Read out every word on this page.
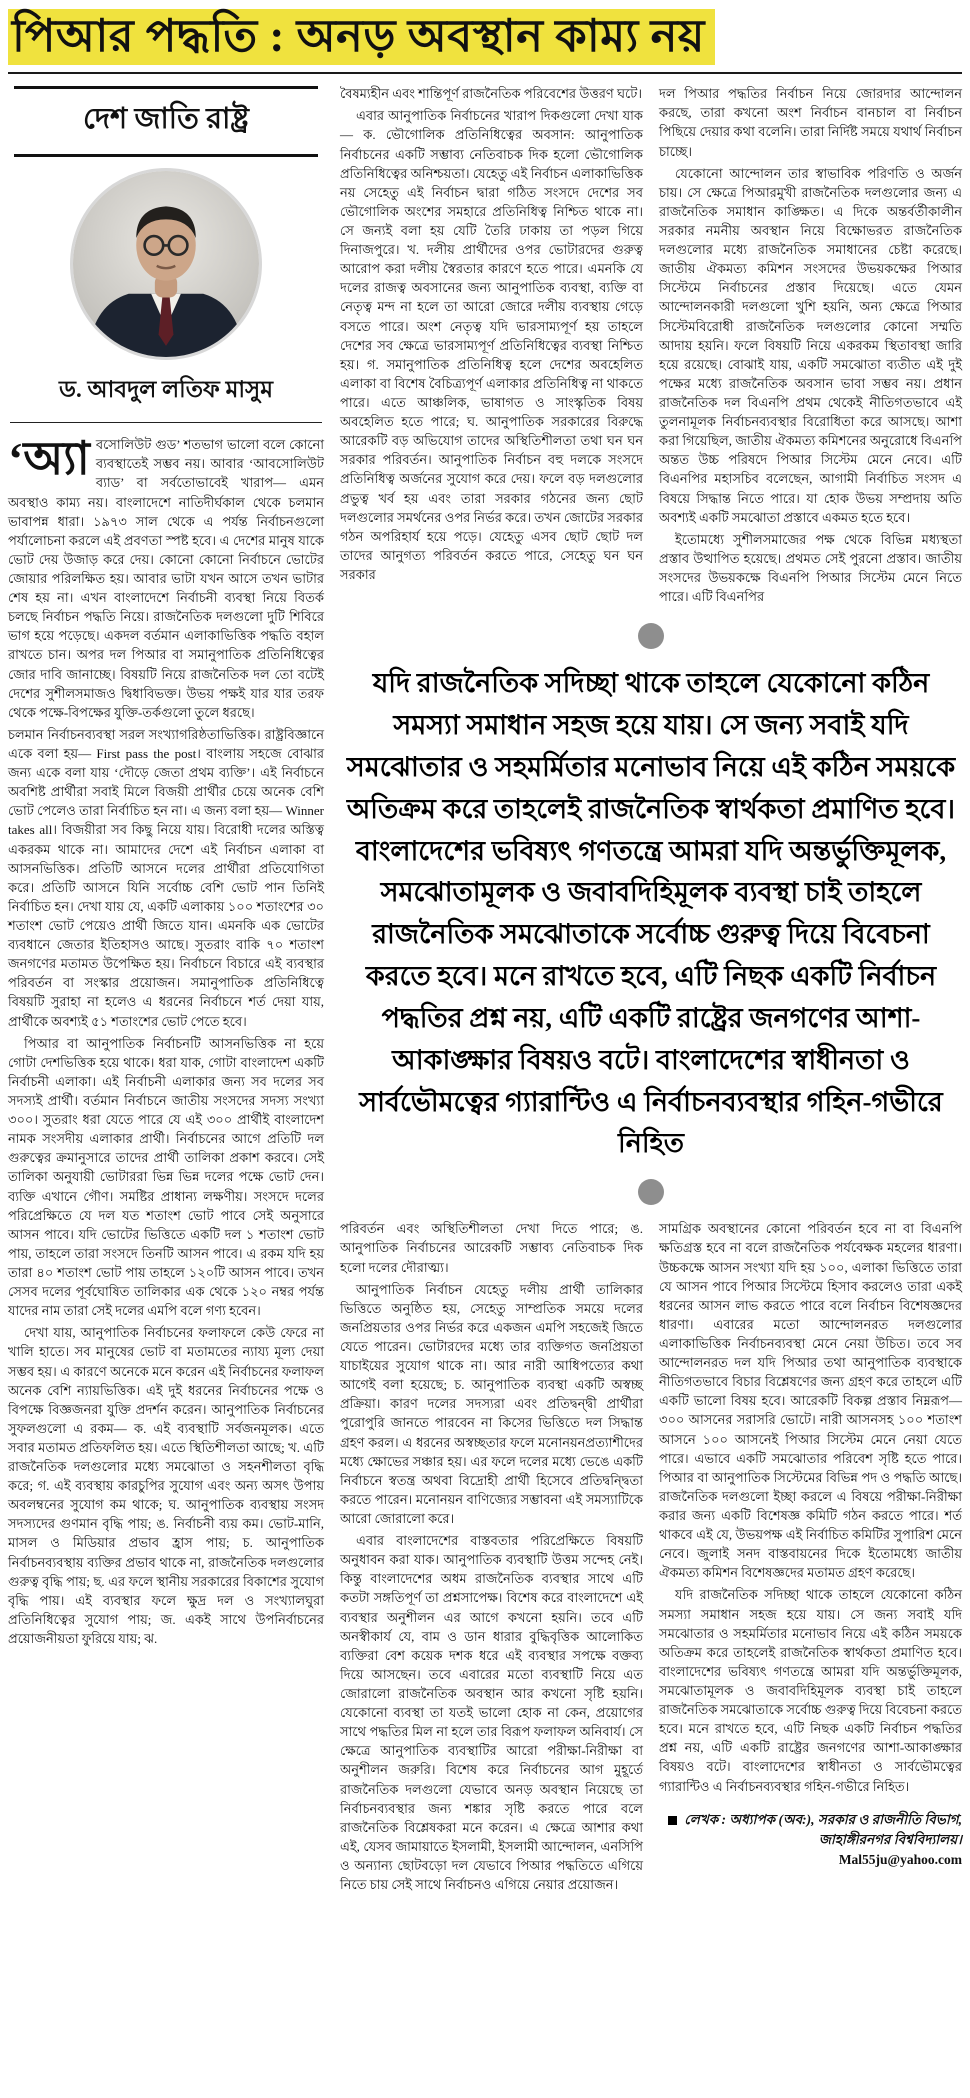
পিআর পদ্ধতি : অনড় অবস্থান কাম্য নয়
দেশ জাতি রাষ্ট্র
ড. আবদুল লতিফ মাসুম

‘অ্যা বসোলিউট গুড’ শতভাগ ভালো বলে কোনো ব্যবস্থাতেই সম্ভব নয়। আবার ‘আবসোলিউট ব্যাড’ বা সর্বতোভাবেই খারাপ— এমন অবস্থাও কাম্য নয়। বাংলাদেশে নাতিদীর্ঘকাল থেকে চলমান ভাবাপন্ন ধারা। ১৯৭৩ সাল থেকে এ পর্যন্ত নির্বাচনগুলো পর্যালোচনা করলে এই প্রবণতা স্পষ্ট হবে। এ দেশের মানুষ যাকে ভোট দেয় উজাড় করে দেয়। কোনো কোনো নির্বাচনে ভোটের জোয়ার পরিলক্ষিত হয়। আবার ভাটা যখন আসে তখন ভাটার শেষ হয় না। এখন বাংলাদেশে নির্বাচনী ব্যবস্থা নিয়ে বিতর্ক চলছে নির্বাচন পদ্ধতি নিয়ে। রাজনৈতিক দলগুলো দুটি শিবিরে ভাগ হয়ে পড়েছে। একদল বর্তমান এলাকাভিত্তিক পদ্ধতি বহাল রাখতে চান। অপর দল পিআর বা সমানুপাতিক প্রতিনিধিত্বের জোর দাবি জানাচ্ছে। বিষয়টি নিয়ে রাজনৈতিক দল তো বটেই দেশের সুশীলসমাজও দ্বিধাবিভক্ত। উভয় পক্ষই যার যার তরফ থেকে পক্ষে-বিপক্ষের যুক্তি-তর্কগুলো তুলে ধরছে।

চলমান নির্বাচনব্যবস্থা সরল সংখ্যাগরিষ্ঠতাভিত্তিক। রাষ্ট্রবিজ্ঞানে একে বলা হয়— First pass the post। বাংলায় সহজে বোঝার জন্য একে বলা যায় ‘দৌড়ে জেতা প্রথম ব্যক্তি’। এই নির্বাচনে অবশিষ্ট প্রার্থীরা সবাই মিলে বিজয়ী প্রার্থীর চেয়ে অনেক বেশি ভোট পেলেও তারা নির্বাচিত হন না। এ জন্য বলা হয়— Winner takes all। বিজয়ীরা সব কিছু নিয়ে যায়। বিরোধী দলের অস্তিত্ব একরকম থাকে না। আমাদের দেশে এই নির্বাচন এলাকা বা আসনভিত্তিক। প্রতিটি আসনে দলের প্রার্থীরা প্রতিযোগিতা করে। প্রতিটি আসনে যিনি সর্বোচ্চ বেশি ভোট পান তিনিই নির্বাচিত হন। দেখা যায় যে, একটি এলাকায় ১০০ শতাংশের ৩০ শতাংশ ভোট পেয়েও প্রার্থী জিতে যান। এমনকি এক ভোটের ব্যবধানে জেতার ইতিহাসও আছে। সুতরাং বাকি ৭০ শতাংশ জনগণের মতামত উপেক্ষিত হয়। নির্বাচনে বিচারে এই ব্যবস্থার পরিবর্তন বা সংস্কার প্রয়োজন। সমানুপাতিক প্রতিনিধিত্বে বিষয়টি সুরাহা না হলেও এ ধরনের নির্বাচনে শর্ত দেয়া যায়, প্রার্থীকে অবশ্যই ৫১ শতাংশের ভোট পেতে হবে।

পিআর বা আনুপাতিক নির্বাচনটি আসনভিত্তিক না হয়ে গোটা দেশভিত্তিক হয়ে থাকে। ধরা যাক, গোটা বাংলাদেশ একটি নির্বাচনী এলাকা। এই নির্বাচনী এলাকার জন্য সব দলের সব সদস্যই প্রার্থী। বর্তমান নির্বাচনে জাতীয় সংসদের সদস্য সংখ্যা ৩০০। সুতরাং ধরা যেতে পারে যে এই ৩০০ প্রার্থীই বাংলাদেশ নামক সংসদীয় এলাকার প্রার্থী। নির্বাচনের আগে প্রতিটি দল গুরুত্বের ক্রমানুসারে তাদের প্রার্থী তালিকা প্রকাশ করবে। সেই তালিকা অনুযায়ী ভোটাররা ভিন্ন ভিন্ন দলের পক্ষে ভোট দেন। ব্যক্তি এখানে গৌণ। সমষ্টির প্রাধান্য লক্ষণীয়। সংসদে দলের পরিপ্রেক্ষিতে যে দল যত শতাংশ ভোট পাবে সেই অনুসারে আসন পাবে। যদি ভোটের ভিত্তিতে একটি দল ১ শতাংশ ভোট পায়, তাহলে তারা সংসদে তিনটি আসন পাবে। এ রকম যদি হয় তারা ৪০ শতাংশ ভোট পায় তাহলে ১২০টি আসন পাবে। তখন সেসব দলের পূর্বঘোষিত তালিকার এক থেকে ১২০ নম্বর পর্যন্ত যাদের নাম তারা সেই দলের এমপি বলে গণ্য হবেন।

দেখা যায়, আনুপাতিক নির্বাচনের ফলাফলে কেউ ফেরে না খালি হাতে। সব মানুষের ভোট বা মতামতের ন্যায্য মূল্য দেয়া সম্ভব হয়। এ কারণে অনেকে মনে করেন এই নির্বাচনের ফলাফল অনেক বেশি ন্যায়ভিত্তিক। এই দুই ধরনের নির্বাচনের পক্ষে ও বিপক্ষে বিজ্ঞজনরা যুক্তি প্রদর্শন করেন। আনুপাতিক নির্বাচনের সুফলগুলো এ রকম— ক. এই ব্যবস্থাটি সর্বজনমূলক। এতে সবার মতামত প্রতিফলিত হয়। এতে স্থিতিশীলতা আছে; খ. এটি রাজনৈতিক দলগুলোর মধ্যে সমঝোতা ও সহনশীলতা বৃদ্ধি করে; গ. এই ব্যবস্থায় কারচুপির সুযোগ এবং অন্য অসৎ উপায় অবলম্বনের সুযোগ কম থাকে; ঘ. আনুপাতিক ব্যবস্থায় সংসদ সদস্যদের গুণমান বৃদ্ধি পায়; ঙ. নির্বাচনী ব্যয় কম। ভোট-মানি, মাসল ও মিডিয়ার প্রভাব হ্রাস পায়; চ. আনুপাতিক নির্বাচনব্যবস্থায় ব্যক্তির প্রভাব থাকে না, রাজনৈতিক দলগুলোর গুরুত্ব বৃদ্ধি পায়; ছ. এর ফলে স্থানীয় সরকারের বিকাশের সুযোগ বৃদ্ধি পায়। এই ব্যবস্থার ফলে ক্ষুদ্র দল ও সংখ্যালঘুরা প্রতিনিধিত্বের সুযোগ পায়; জ. একই সাথে উপনির্বাচনের প্রয়োজনীয়তা ফুরিয়ে যায়; ঝ.

বৈষম্যহীন এবং শান্তিপূর্ণ রাজনৈতিক পরিবেশের উত্তরণ ঘটে।

এবার আনুপাতিক নির্বাচনের খারাপ দিকগুলো দেখা যাক— ক. ভৌগোলিক প্রতিনিধিত্বের অবসান: আনুপাতিক নির্বাচনের একটি সম্ভাব্য নেতিবাচক দিক হলো ভৌগোলিক প্রতিনিধিত্বের অনিশ্চয়তা। যেহেতু এই নির্বাচন এলাকাভিত্তিক নয় সেহেতু এই নির্বাচন দ্বারা গঠিত সংসদে দেশের সব ভৌগোলিক অংশের সমহারে প্রতিনিধিত্ব নিশ্চিত থাকে না। সে জন্যই বলা হয় যেটি তৈরি ঢাকায় তা পড়ল গিয়ে দিনাজপুরে। খ. দলীয় প্রার্থীদের ওপর ভোটারদের গুরুত্ব আরোপ করা দলীয় স্বৈরতার কারণে হতে পারে। এমনকি যে দলের রাজত্ব অবসানের জন্য আনুপাতিক ব্যবস্থা, ব্যক্তি বা নেতৃত্ব মন্দ না হলে তা আরো জোরে দলীয় ব্যবস্থায় গেড়ে বসতে পারে। অংশ নেতৃত্ব যদি ভারসাম্যপূর্ণ হয় তাহলে দেশের সব ক্ষেত্রে ভারসাম্যপূর্ণ প্রতিনিধিত্বের ব্যবস্থা নিশ্চিত হয়। গ. সমানুপাতিক প্রতিনিধিত্ব হলে দেশের অবহেলিত এলাকা বা বিশেষ বৈচিত্র্যপূর্ণ এলাকার প্রতিনিধিত্ব না থাকতে পারে। এতে আঞ্চলিক, ভাষাগত ও সাংস্কৃতিক বিষয় অবহেলিত হতে পারে; ঘ. আনুপাতিক সরকারের বিরুদ্ধে আরেকটি বড় অভিযোগ তাদের অস্থিতিশীলতা তথা ঘন ঘন সরকার পরিবর্তন। আনুপাতিক নির্বাচন বহু দলকে সংসদে প্রতিনিধিত্ব অর্জনের সুযোগ করে দেয়। ফলে বড় দলগুলোর প্রভুত্ব খর্ব হয় এবং তারা সরকার গঠনের জন্য ছোট দলগুলোর সমর্থনের ওপর নির্ভর করে। তখন জোটের সরকার গঠন অপরিহার্য হয়ে পড়ে। যেহেতু এসব ছোট ছোট দল তাদের আনুগত্য পরিবর্তন করতে পারে, সেহেতু ঘন ঘন সরকার

দল পিআর পদ্ধতির নির্বাচন নিয়ে জোরদার আন্দোলন করছে, তারা কখনো অংশ নির্বাচন বানচাল বা নির্বাচন পিছিয়ে দেয়ার কথা বলেনি। তারা নির্দিষ্ট সময়ে যথার্থ নির্বাচন চাচ্ছে।

যেকোনো আন্দোলন তার স্বাভাবিক পরিণতি ও অর্জন চায়। সে ক্ষেত্রে পিআরমুখী রাজনৈতিক দলগুলোর জন্য এ রাজনৈতিক সমাধান কাঙ্ক্ষিত। এ দিকে অন্তর্বর্তীকালীন সরকার নমনীয় অবস্থান নিয়ে বিক্ষোভরত রাজনৈতিক দলগুলোর মধ্যে রাজনৈতিক সমাধানের চেষ্টা করেছে। জাতীয় ঐকমত্য কমিশন সংসদের উভয়কক্ষের পিআর সিস্টেমে নির্বাচনের প্রস্তাব দিয়েছে। এতে যেমন আন্দোলনকারী দলগুলো খুশি হয়নি, অন্য ক্ষেত্রে পিআর সিস্টেমবিরোধী রাজনৈতিক দলগুলোর কোনো সম্মতি আদায় হয়নি। ফলে বিষয়টি নিয়ে একরকম স্থিতাবস্থা জারি হয়ে রয়েছে। বোঝাই যায়, একটি সমঝোতা ব্যতীত এই দুই পক্ষের মধ্যে রাজনৈতিক অবসান ভাবা সম্ভব নয়। প্রধান রাজনৈতিক দল বিএনপি প্রথম থেকেই নীতিগতভাবে এই তুলনামূলক নির্বাচনব্যবস্থার বিরোধিতা করে আসছে। আশা করা গিয়েছিল, জাতীয় ঐকমত্য কমিশনের অনুরোধে বিএনপি অন্তত উচ্চ পরিষদে পিআর সিস্টেম মেনে নেবে। এটি বিএনপির মহাসচিব বলেছেন, আগামী নির্বাচিত সংসদ এ বিষয়ে সিদ্ধান্ত নিতে পারে। যা হোক উভয় সম্প্রদায় অতি অবশ্যই একটি সমঝোতা প্রস্তাবে একমত হতে হবে।

ইতোমধ্যে সুশীলসমাজের পক্ষ থেকে বিভিন্ন মধ্যস্থতা প্রস্তাব উত্থাপিত হয়েছে। প্রথমত সেই পুরনো প্রস্তাব। জাতীয় সংসদের উভয়কক্ষে বিএনপি পিআর সিস্টেম মেনে নিতে পারে। এটি বিএনপির

যদি রাজনৈতিক সদিচ্ছা থাকে তাহলে যেকোনো কঠিন সমস্যা সমাধান সহজ হয়ে যায়। সে জন্য সবাই যদি সমঝোতার ও সহমর্মিতার মনোভাব নিয়ে এই কঠিন সময়কে অতিক্রম করে তাহলেই রাজনৈতিক স্বার্থকতা প্রমাণিত হবে। বাংলাদেশের ভবিষ্যৎ গণতন্ত্রে আমরা যদি অন্তর্ভুক্তিমূলক, সমঝোতামূলক ও জবাবদিহিমূলক ব্যবস্থা চাই তাহলে রাজনৈতিক সমঝোতাকে সর্বোচ্চ গুরুত্ব দিয়ে বিবেচনা করতে হবে। মনে রাখতে হবে, এটি নিছক একটি নির্বাচন পদ্ধতির প্রশ্ন নয়, এটি একটি রাষ্ট্রের জনগণের আশা-আকাঙ্ক্ষার বিষয়ও বটে। বাংলাদেশের স্বাধীনতা ও সার্বভৌমত্বের গ্যারান্টিও এ নির্বাচনব্যবস্থার গহিন-গভীরে নিহিত

পরিবর্তন এবং অস্থিতিশীলতা দেখা দিতে পারে; ঙ. আনুপাতিক নির্বাচনের আরেকটি সম্ভাব্য নেতিবাচক দিক হলো দলের দৌরাত্ম্য।

আনুপাতিক নির্বাচন যেহেতু দলীয় প্রার্থী তালিকার ভিত্তিতে অনুষ্ঠিত হয়, সেহেতু সাম্প্রতিক সময়ে দলের জনপ্রিয়তার ওপর নির্ভর করে একজন এমপি সহজেই জিতে যেতে পারেন। ভোটারদের মধ্যে তার ব্যক্তিগত জনপ্রিয়তা যাচাইয়ের সুযোগ থাকে না। আর নারী আধিপত্যের কথা আগেই বলা হয়েছে; চ. আনুপাতিক ব্যবস্থা একটি অস্বচ্ছ প্রক্রিয়া। কারণ দলের সদস্যরা এবং প্রতিদ্বন্দ্বী প্রার্থীরা পুরোপুরি জানতে পারবেন না কিসের ভিত্তিতে দল সিদ্ধান্ত গ্রহণ করল। এ ধরনের অস্বচ্ছতার ফলে মনোনয়নপ্রত্যাশীদের মধ্যে ক্ষোভের সঞ্চার হয়। এর ফলে দলের মধ্যে ভেঙে একটি নির্বাচনে স্বতন্ত্র অথবা বিদ্রোহী প্রার্থী হিসেবে প্রতিদ্বন্দ্বিতা করতে পারেন। মনোনয়ন বাণিজ্যের সম্ভাবনা এই সমস্যাটিকে আরো জোরালো করে।

এবার বাংলাদেশের বাস্তবতার পরিপ্রেক্ষিতে বিষয়টি অনুধাবন করা যাক। আনুপাতিক ব্যবস্থাটি উত্তম সন্দেহ নেই। কিন্তু বাংলাদেশের অধম রাজনৈতিক ব্যবস্থার সাথে এটি কতটা সঙ্গতিপূর্ণ তা প্রশ্নসাপেক্ষ। বিশেষ করে বাংলাদেশে এই ব্যবস্থার অনুশীলন এর আগে কখনো হয়নি। তবে এটি অনস্বীকার্য যে, বাম ও ডান ধারার বুদ্ধিবৃত্তিক আলোকিত ব্যক্তিরা বেশ কয়েক দশক ধরে এই ব্যবস্থার সপক্ষে বক্তব্য দিয়ে আসছেন। তবে এবারের মতো ব্যবস্থাটি নিয়ে এত জোরালো রাজনৈতিক অবস্থান আর কখনো সৃষ্টি হয়নি। যেকোনো ব্যবস্থা তা যতই ভালো হোক না কেন, প্রয়োগের সাথে পদ্ধতির মিল না হলে তার বিরূপ ফলাফল অনিবার্য। সে ক্ষেত্রে আনুপাতিক ব্যবস্থাটির আরো পরীক্ষা-নিরীক্ষা বা অনুশীলন জরুরি। বিশেষ করে নির্বাচনের আগ মুহূর্তে রাজনৈতিক দলগুলো যেভাবে অনড় অবস্থান নিয়েছে তা নির্বাচনব্যবস্থার জন্য শঙ্কার সৃষ্টি করতে পারে বলে রাজনৈতিক বিশ্লেষকরা মনে করেন। এ ক্ষেত্রে আশার কথা এই, যেসব জামায়াতে ইসলামী, ইসলামী আন্দোলন, এনসিপি ও অন্যান্য ছোটবড়ো দল যেভাবে পিআর পদ্ধতিতে এগিয়ে নিতে চায় সেই সাথে নির্বাচনও এগিয়ে নেয়ার প্রয়োজন।

সামগ্রিক অবস্থানের কোনো পরিবর্তন হবে না বা বিএনপি ক্ষতিগ্রস্ত হবে না বলে রাজনৈতিক পর্যবেক্ষক মহলের ধারণা। উচ্চকক্ষে আসন সংখ্যা যদি হয় ১০০, এলাকা ভিত্তিতে তারা যে আসন পাবে পিআর সিস্টেমে হিসাব করলেও তারা একই ধরনের আসন লাভ করতে পারে বলে নির্বাচন বিশেষজ্ঞদের ধারণা। এবারের মতো আন্দোলনরত দলগুলোর এলাকাভিত্তিক নির্বাচনব্যবস্থা মেনে নেয়া উচিত। তবে সব আন্দোলনরত দল যদি পিআর তথা আনুপাতিক ব্যবস্থাকে নীতিগতভাবে বিচার বিশ্লেষণের জন্য গ্রহণ করে তাহলে এটি একটি ভালো বিষয় হবে। আরেকটি বিকল্প প্রস্তাব নিম্নরূপ— ৩০০ আসনের সরাসরি ভোটে। নারী আসনসহ ১০০ শতাংশ আসনে ১০০ আসনেই পিআর সিস্টেম মেনে নেয়া যেতে পারে। এভাবে একটি সমঝোতার পরিবেশ সৃষ্টি হতে পারে। পিআর বা আনুপাতিক সিস্টেমের বিভিন্ন পদ ও পদ্ধতি আছে। রাজনৈতিক দলগুলো ইচ্ছা করলে এ বিষয়ে পরীক্ষা-নিরীক্ষা করার জন্য একটি বিশেষজ্ঞ কমিটি গঠন করতে পারে। শর্ত থাকবে এই যে, উভয়পক্ষ এই নির্বাচিত কমিটির সুপারিশ মেনে নেবে। জুলাই সনদ বাস্তবায়নের দিকে ইতোমধ্যে জাতীয় ঐকমত্য কমিশন বিশেষজ্ঞদের মতামত গ্রহণ করেছে।

যদি রাজনৈতিক সদিচ্ছা থাকে তাহলে যেকোনো কঠিন সমস্যা সমাধান সহজ হয়ে যায়। সে জন্য সবাই যদি সমঝোতার ও সহমর্মিতার মনোভাব নিয়ে এই কঠিন সময়কে অতিক্রম করে তাহলেই রাজনৈতিক স্বার্থকতা প্রমাণিত হবে। বাংলাদেশের ভবিষ্যৎ গণতন্ত্রে আমরা যদি অন্তর্ভুক্তিমূলক, সমঝোতামূলক ও জবাবদিহিমূলক ব্যবস্থা চাই তাহলে রাজনৈতিক সমঝোতাকে সর্বোচ্চ গুরুত্ব দিয়ে বিবেচনা করতে হবে। মনে রাখতে হবে, এটি নিছক একটি নির্বাচন পদ্ধতির প্রশ্ন নয়, এটি একটি রাষ্ট্রের জনগণের আশা-আকাঙ্ক্ষার বিষয়ও বটে। বাংলাদেশের স্বাধীনতা ও সার্বভৌমত্বের গ্যারান্টিও এ নির্বাচনব্যবস্থার গহিন-গভীরে নিহিত।

লেখক : অধ্যাপক (অব:), সরকার ও রাজনীতি বিভাগ, জাহাঙ্গীরনগর বিশ্ববিদ্যালয়।
Mal55ju@yahoo.com
